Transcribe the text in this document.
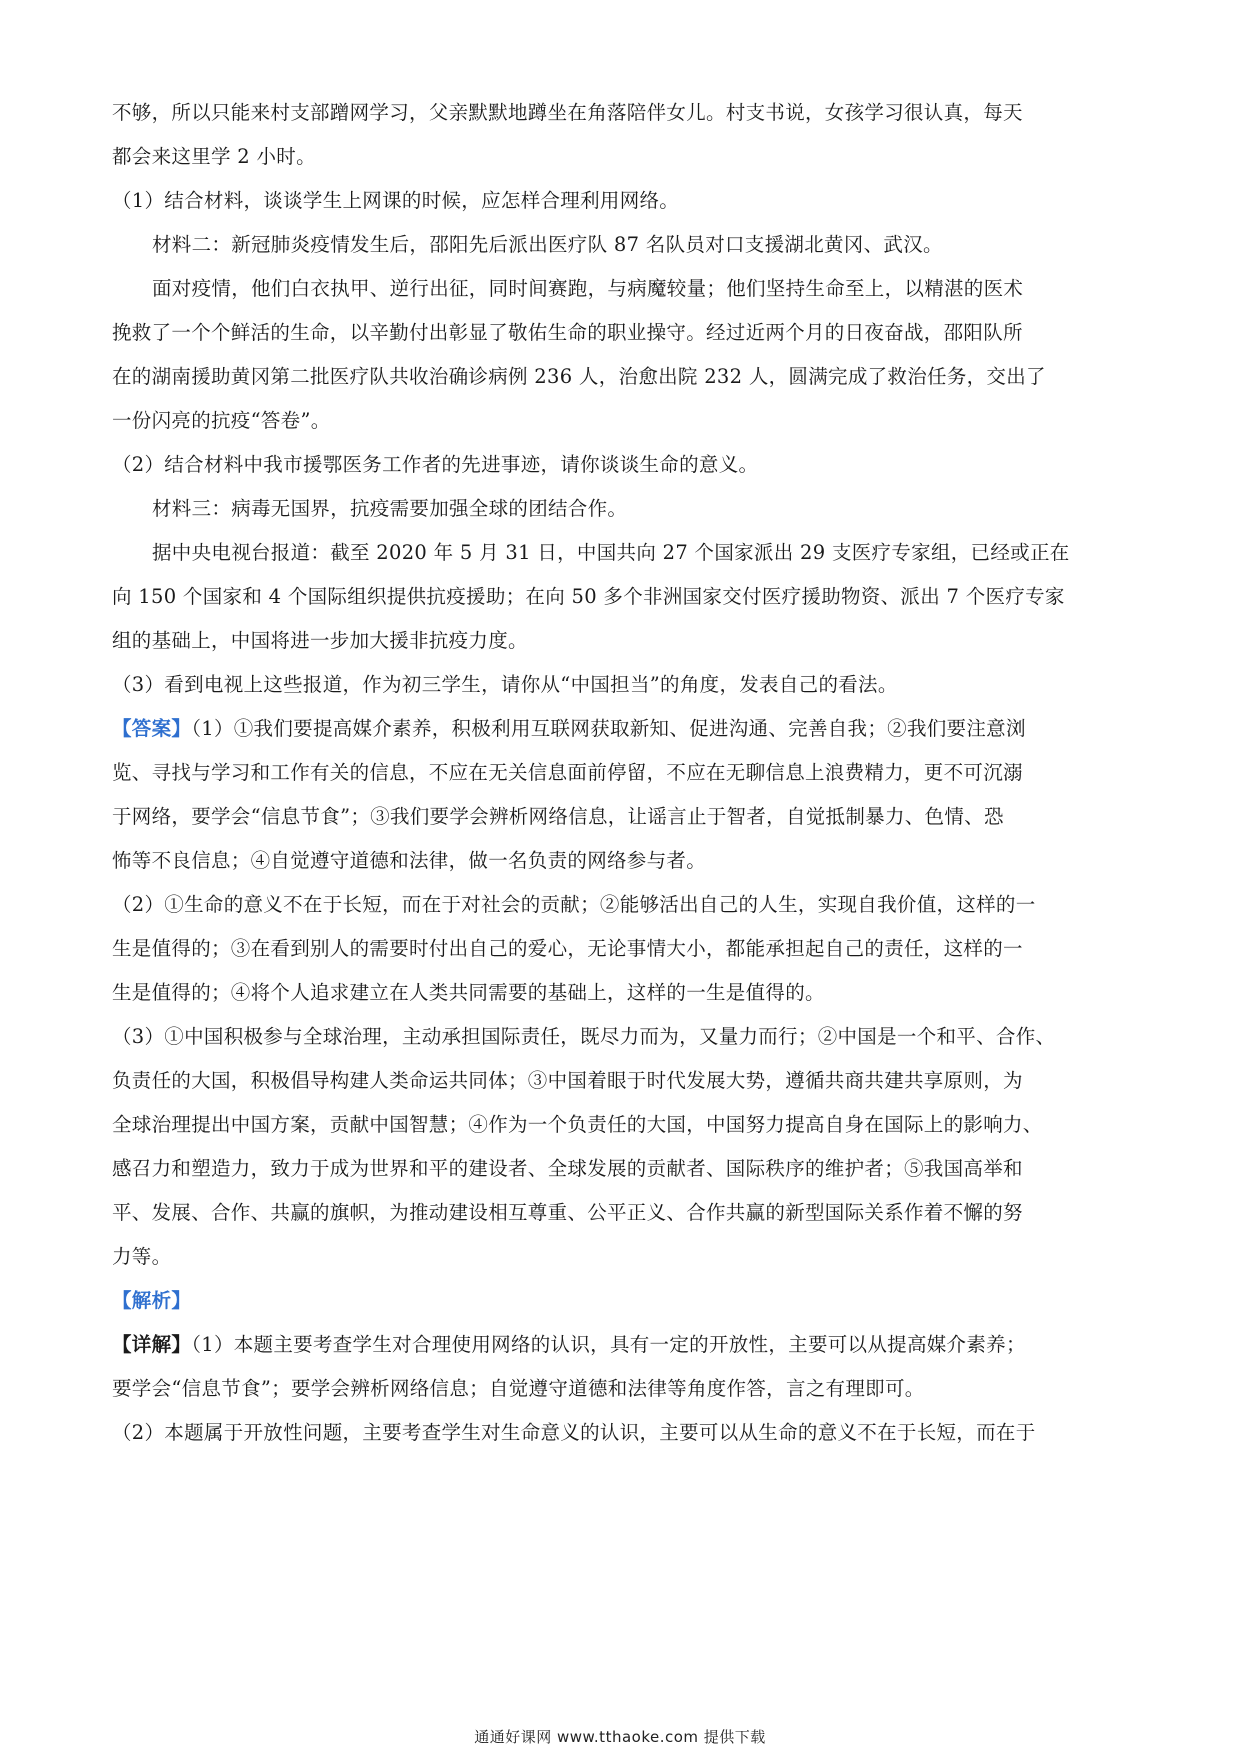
不够，所以只能来村支部蹭网学习，父亲默默地蹲坐在角落陪伴女儿。村支书说，女孩学习很认真，每天

都会来这里学 2 小时。

（1）结合材料，谈谈学生上网课的时候，应怎样合理利用网络。

材料二：新冠肺炎疫情发生后，邵阳先后派出医疗队 87 名队员对口支援湖北黄冈、武汉。

面对疫情，他们白衣执甲、逆行出征，同时间赛跑，与病魔较量；他们坚持生命至上，以精湛的医术

挽救了一个个鲜活的生命，以辛勤付出彰显了敬佑生命的职业操守。经过近两个月的日夜奋战，邵阳队所

在的湖南援助黄冈第二批医疗队共收治确诊病例 236 人，治愈出院 232 人，圆满完成了救治任务，交出了

一份闪亮的抗疫“答卷”。

（2）结合材料中我市援鄂医务工作者的先进事迹，请你谈谈生命的意义。

材料三：病毒无国界，抗疫需要加强全球的团结合作。

据中央电视台报道：截至 2020 年 5 月 31 日，中国共向 27 个国家派出 29 支医疗专家组，已经或正在

向 150 个国家和 4 个国际组织提供抗疫援助；在向 50 多个非洲国家交付医疗援助物资、派出 7 个医疗专家

组的基础上，中国将进一步加大援非抗疫力度。

（3）看到电视上这些报道，作为初三学生，请你从“中国担当”的角度，发表自己的看法。

【答案】（1）①我们要提高媒介素养，积极利用互联网获取新知、促进沟通、完善自我；②我们要注意浏

览、寻找与学习和工作有关的信息，不应在无关信息面前停留，不应在无聊信息上浪费精力，更不可沉溺

于网络，要学会“信息节食”；③我们要学会辨析网络信息，让谣言止于智者，自觉抵制暴力、色情、恐

怖等不良信息；④自觉遵守道德和法律，做一名负责的网络参与者。

（2）①生命的意义不在于长短，而在于对社会的贡献；②能够活出自己的人生，实现自我价值，这样的一

生是值得的；③在看到别人的需要时付出自己的爱心，无论事情大小，都能承担起自己的责任，这样的一

生是值得的；④将个人追求建立在人类共同需要的基础上，这样的一生是值得的。

（3）①中国积极参与全球治理，主动承担国际责任，既尽力而为，又量力而行；②中国是一个和平、合作、

负责任的大国，积极倡导构建人类命运共同体；③中国着眼于时代发展大势，遵循共商共建共享原则，为

全球治理提出中国方案，贡献中国智慧；④作为一个负责任的大国，中国努力提高自身在国际上的影响力、

感召力和塑造力，致力于成为世界和平的建设者、全球发展的贡献者、国际秩序的维护者；⑤我国高举和

平、发展、合作、共赢的旗帜，为推动建设相互尊重、公平正义、合作共赢的新型国际关系作着不懈的努

力等。

【解析】

【详解】（1）本题主要考查学生对合理使用网络的认识，具有一定的开放性，主要可以从提高媒介素养；

要学会“信息节食”；要学会辨析网络信息；自觉遵守道德和法律等角度作答，言之有理即可。

（2）本题属于开放性问题，主要考查学生对生命意义的认识，主要可以从生命的意义不在于长短，而在于

通通好课网 www.tthaoke.com 提供下载
